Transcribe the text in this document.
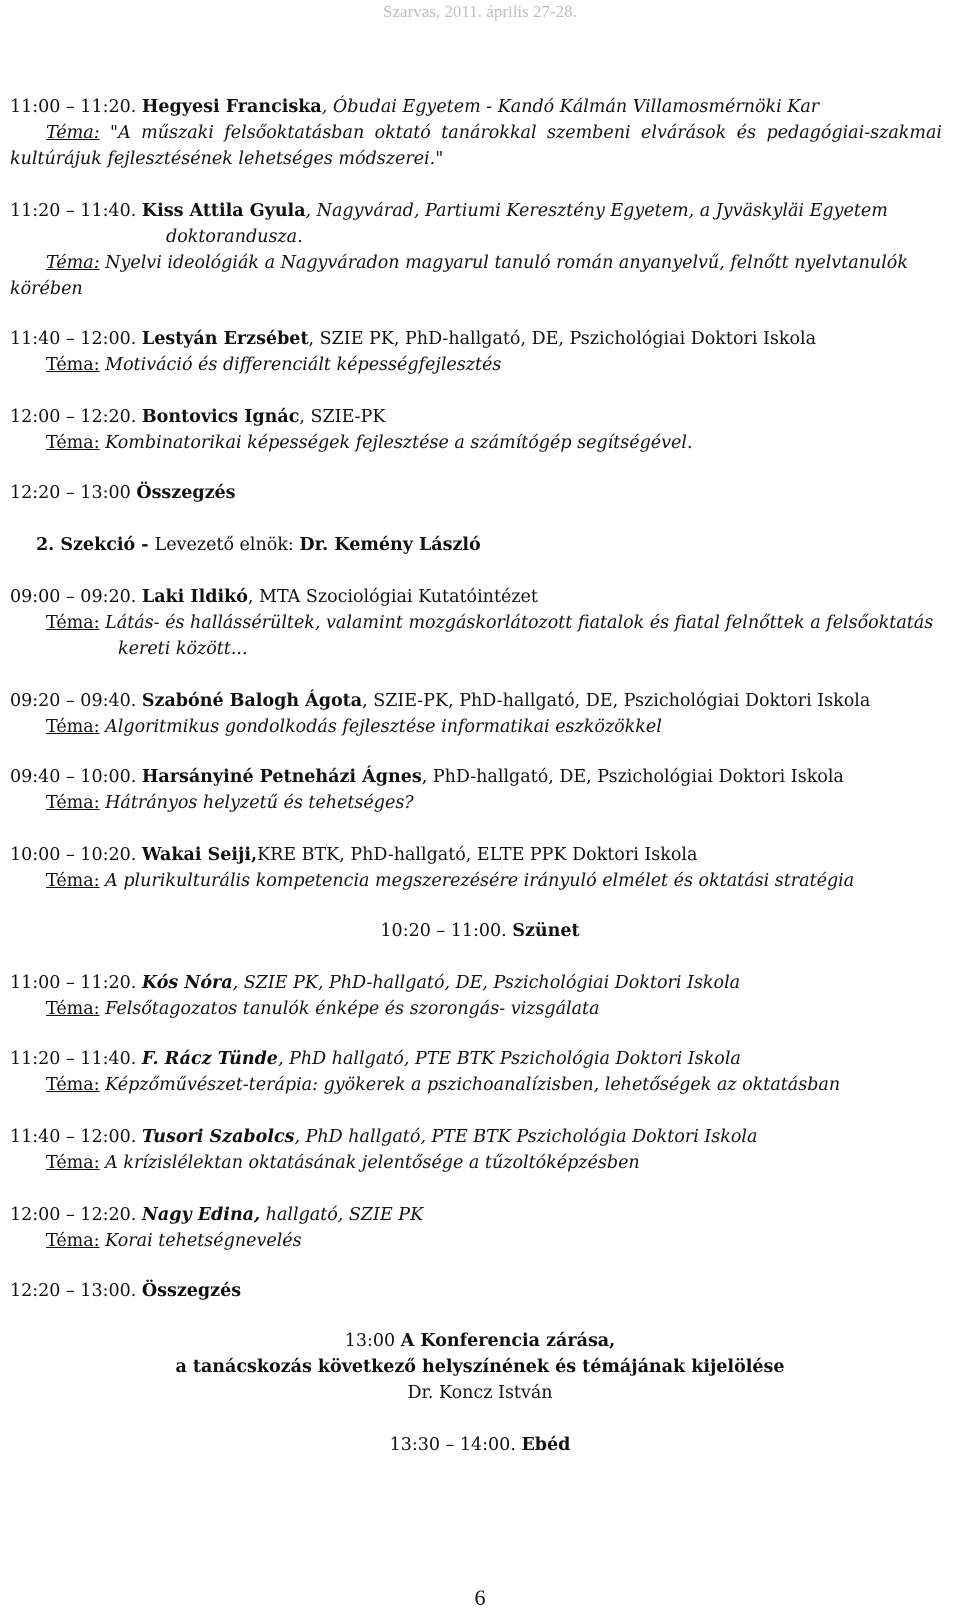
Szarvas, 2011. április 27-28.
11:00 – 11:20. Hegyesi Franciska, Óbudai Egyetem - Kandó Kálmán Villamosmérnöki Kar
Téma: "A műszaki felsőoktatásban oktató tanárokkal szembeni elvárások és pedagógiai-szakmai kultúrájuk fejlesztésének lehetséges módszerei."
11:20 – 11:40. Kiss Attila Gyula, Nagyvárad, Partiumi Keresztény Egyetem, a Jyväskyläi Egyetem
doktorandusza.
Téma: Nyelvi ideológiák a Nagyváradon magyarul tanuló román anyanyelvű, felnőtt nyelvtanulók körében
11:40 – 12:00. Lestyán Erzsébet, SZIE PK, PhD-hallgató, DE, Pszichológiai Doktori Iskola
Téma: Motiváció és differenciált képességfejlesztés
12:00 – 12:20. Bontovics Ignác, SZIE-PK
Téma: Kombinatorikai képességek fejlesztése a számítógép segítségével.
12:20 – 13:00 Összegzés
2. Szekció - Levezető elnök: Dr. Kemény László
09:00 – 09:20. Laki Ildikó, MTA Szociológiai Kutatóintézet
Téma: Látás- és hallássérültek, valamint mozgáskorlátozott fiatalok és fiatal felnőttek a felsőoktatás
kereti között...
09:20 – 09:40. Szabóné Balogh Ágota, SZIE-PK, PhD-hallgató, DE, Pszichológiai Doktori Iskola
Téma: Algoritmikus gondolkodás fejlesztése informatikai eszközökkel
09:40 – 10:00. Harsányiné Petneházi Ágnes, PhD-hallgató, DE, Pszichológiai Doktori Iskola
Téma: Hátrányos helyzetű és tehetséges?
10:00 – 10:20. Wakai Seiji,KRE BTK, PhD-hallgató, ELTE PPK Doktori Iskola
Téma: A plurikulturális kompetencia megszerezésére irányuló elmélet és oktatási stratégia
10:20 – 11:00. Szünet
11:00 – 11:20. Kós Nóra, SZIE PK, PhD-hallgató, DE, Pszichológiai Doktori Iskola
Téma: Felsőtagozatos tanulók énképe és szorongás- vizsgálata
11:20 – 11:40. F. Rácz Tünde, PhD hallgató, PTE BTK Pszichológia Doktori Iskola
Téma: Képzőművészet-terápia: gyökerek a pszichoanalízisben, lehetőségek az oktatásban
11:40 – 12:00. Tusori Szabolcs, PhD hallgató, PTE BTK Pszichológia Doktori Iskola
Téma: A krízislélektan oktatásának jelentősége a tűzoltóképzésben
12:00 – 12:20. Nagy Edina, hallgató, SZIE PK
Téma: Korai tehetségnevelés
12:20 – 13:00. Összegzés
13:00 A Konferencia zárása,
a tanácskozás következő helyszínének és témájának kijelölése
Dr. Koncz István
13:30 – 14:00. Ebéd
6
